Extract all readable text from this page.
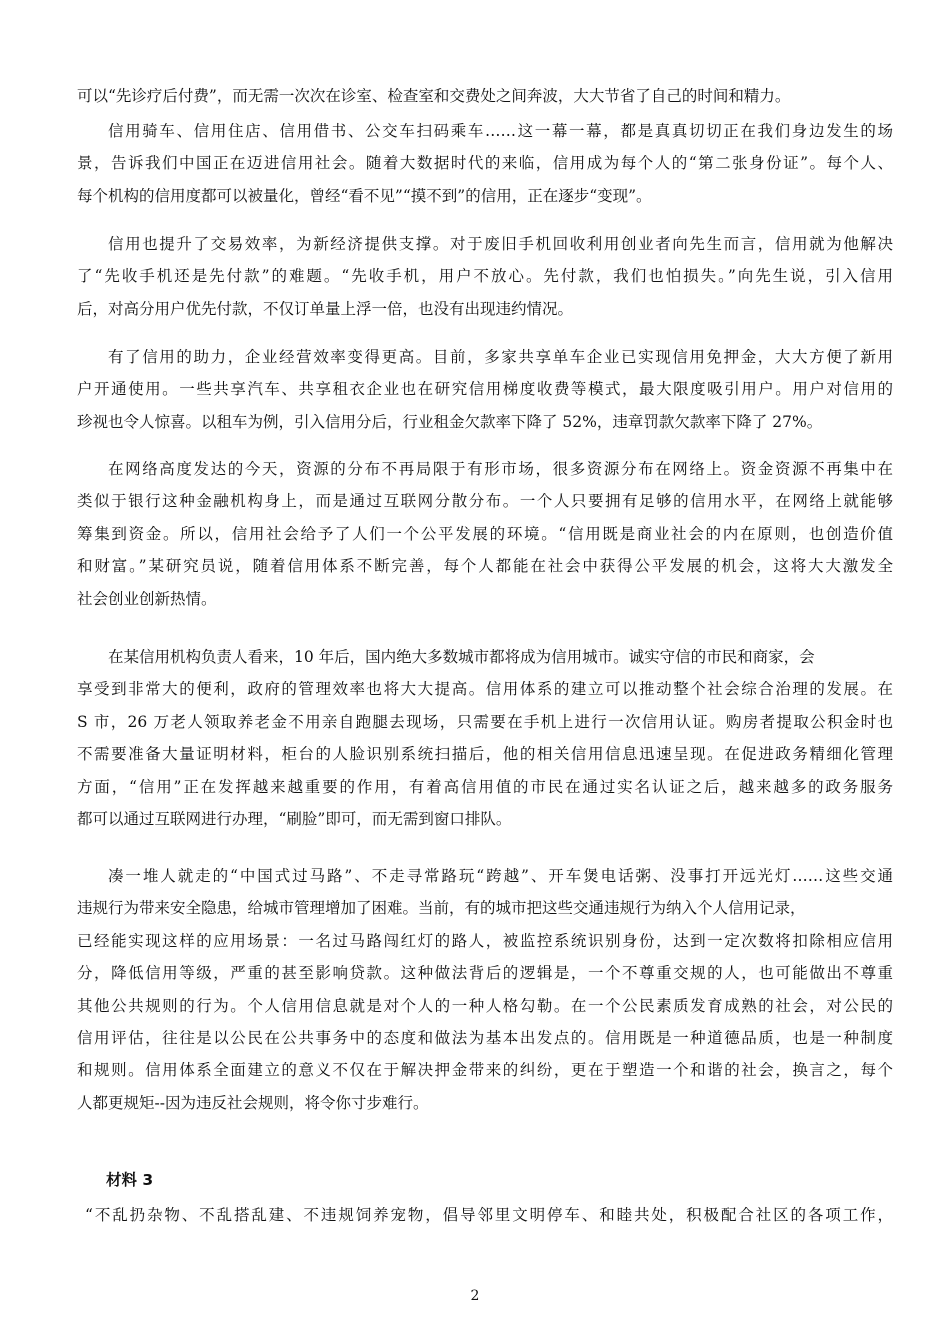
可以“先诊疗后付费”，而无需一次次在诊室、检查室和交费处之间奔波，大大节省了自己的时间和精力。
信用骑车、信用住店、信用借书、公交车扫码乘车……这一幕一幕，都是真真切切正在我们身边发生的场
景，告诉我们中国正在迈进信用社会。随着大数据时代的来临，信用成为每个人的“第二张身份证”。每个人、
每个机构的信用度都可以被量化，曾经“看不见”“摸不到”的信用，正在逐步“变现”。
信用也提升了交易效率，为新经济提供支撑。对于废旧手机回收利用创业者向先生而言，信用就为他解决
了“先收手机还是先付款”的难题。“先收手机，用户不放心。先付款，我们也怕损失。”向先生说，引入信用
后，对高分用户优先付款，不仅订单量上浮一倍，也没有出现违约情况。
有了信用的助力，企业经营效率变得更高。目前，多家共享单车企业已实现信用免押金，大大方便了新用
户开通使用。一些共享汽车、共享租衣企业也在研究信用梯度收费等模式，最大限度吸引用户。用户对信用的
珍视也令人惊喜。以租车为例，引入信用分后，行业租金欠款率下降了 52%，违章罚款欠款率下降了 27%。
在网络高度发达的今天，资源的分布不再局限于有形市场，很多资源分布在网络上。资金资源不再集中在
类似于银行这种金融机构身上，而是通过互联网分散分布。一个人只要拥有足够的信用水平，在网络上就能够
筹集到资金。所以，信用社会给予了人们一个公平发展的环境。“信用既是商业社会的内在原则，也创造价值
和财富。”某研究员说，随着信用体系不断完善，每个人都能在社会中获得公平发展的机会，这将大大激发全
社会创业创新热情。
在某信用机构负责人看来，10 年后，国内绝大多数城市都将成为信用城市。诚实守信的市民和商家，会
享受到非常大的便利，政府的管理效率也将大大提高。信用体系的建立可以推动整个社会综合治理的发展。在
S 市，26 万老人领取养老金不用亲自跑腿去现场，只需要在手机上进行一次信用认证。购房者提取公积金时也
不需要准备大量证明材料，柜台的人脸识别系统扫描后，他的相关信用信息迅速呈现。在促进政务精细化管理
方面，“信用”正在发挥越来越重要的作用，有着高信用值的市民在通过实名认证之后，越来越多的政务服务
都可以通过互联网进行办理，“刷脸”即可，而无需到窗口排队。
凑一堆人就走的“中国式过马路”、不走寻常路玩“跨越”、开车煲电话粥、没事打开远光灯……这些交通
违规行为带来安全隐患，给城市管理增加了困难。当前，有的城市把这些交通违规行为纳入个人信用记录，
已经能实现这样的应用场景：一名过马路闯红灯的路人，被监控系统识别身份，达到一定次数将扣除相应信用
分，降低信用等级，严重的甚至影响贷款。这种做法背后的逻辑是，一个不尊重交规的人，也可能做出不尊重
其他公共规则的行为。个人信用信息就是对个人的一种人格勾勒。在一个公民素质发育成熟的社会，对公民的
信用评估，往往是以公民在公共事务中的态度和做法为基本出发点的。信用既是一种道德品质，也是一种制度
和规则。信用体系全面建立的意义不仅在于解决押金带来的纠纷，更在于塑造一个和谐的社会，换言之，每个
人都更规矩--因为违反社会规则，将令你寸步难行。

材料 3

“不乱扔杂物、不乱搭乱建、不违规饲养宠物，倡导邻里文明停车、和睦共处，积极配合社区的各项工作，

2
